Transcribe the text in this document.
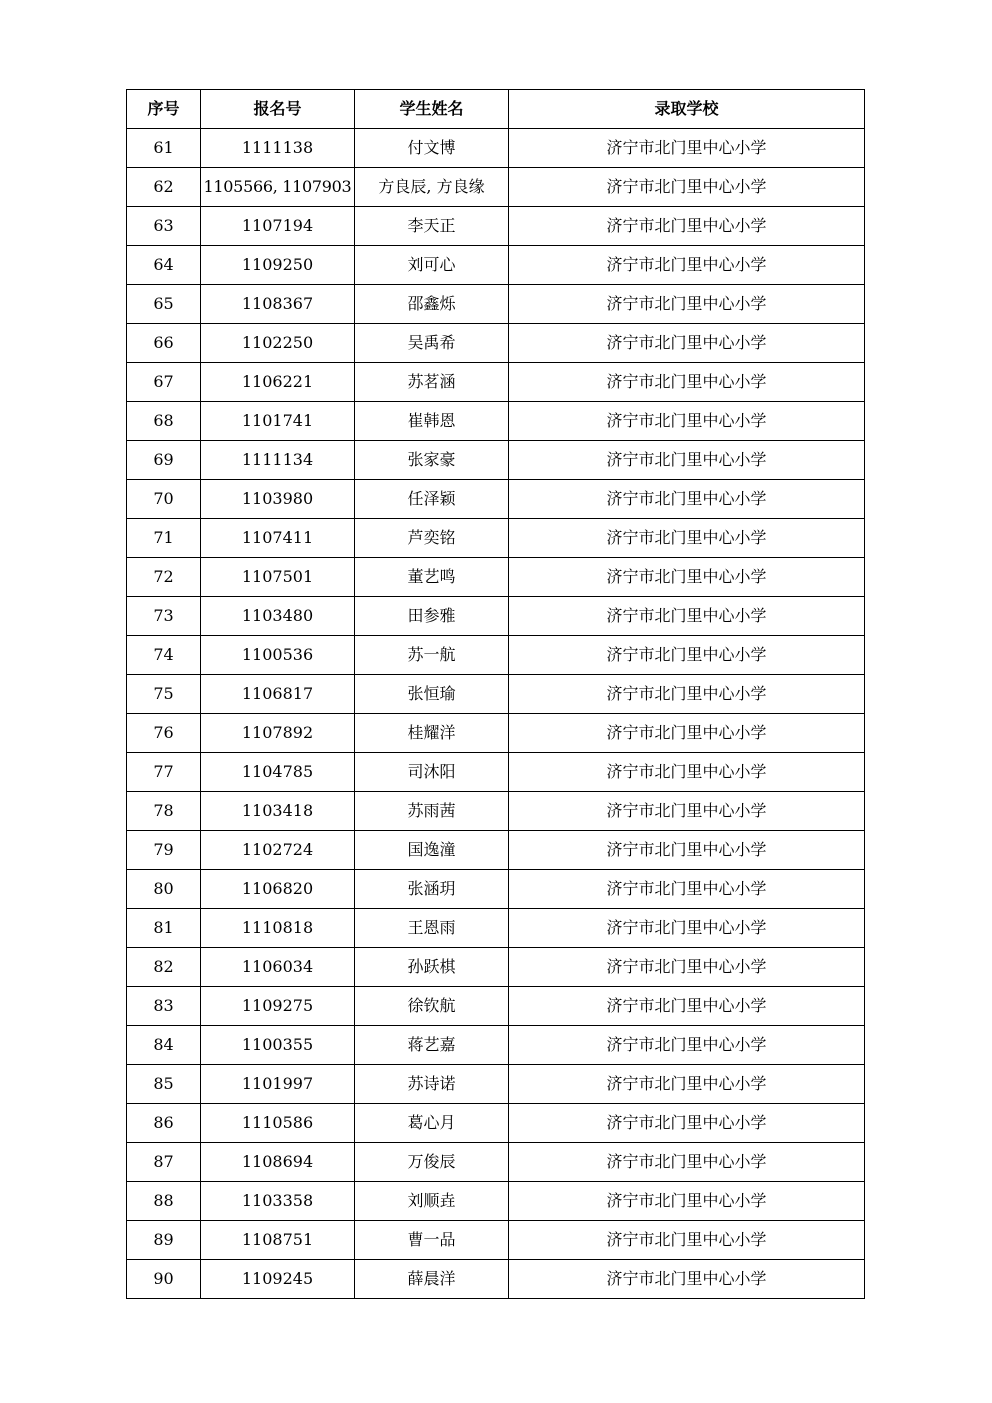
序号	报名号	学生姓名	录取学校
61	1111138	付文博	济宁市北门里中心小学
62	1105566, 1107903	方良辰, 方良缘	济宁市北门里中心小学
63	1107194	李天正	济宁市北门里中心小学
64	1109250	刘可心	济宁市北门里中心小学
65	1108367	邵鑫烁	济宁市北门里中心小学
66	1102250	吴禹希	济宁市北门里中心小学
67	1106221	苏茗涵	济宁市北门里中心小学
68	1101741	崔韩恩	济宁市北门里中心小学
69	1111134	张家豪	济宁市北门里中心小学
70	1103980	任泽颖	济宁市北门里中心小学
71	1107411	芦奕铭	济宁市北门里中心小学
72	1107501	董艺鸣	济宁市北门里中心小学
73	1103480	田参雅	济宁市北门里中心小学
74	1100536	苏一航	济宁市北门里中心小学
75	1106817	张恒瑜	济宁市北门里中心小学
76	1107892	桂耀洋	济宁市北门里中心小学
77	1104785	司沐阳	济宁市北门里中心小学
78	1103418	苏雨茜	济宁市北门里中心小学
79	1102724	国逸潼	济宁市北门里中心小学
80	1106820	张涵玥	济宁市北门里中心小学
81	1110818	王恩雨	济宁市北门里中心小学
82	1106034	孙跃棋	济宁市北门里中心小学
83	1109275	徐钦航	济宁市北门里中心小学
84	1100355	蒋艺嘉	济宁市北门里中心小学
85	1101997	苏诗诺	济宁市北门里中心小学
86	1110586	葛心月	济宁市北门里中心小学
87	1108694	万俊辰	济宁市北门里中心小学
88	1103358	刘顺垚	济宁市北门里中心小学
89	1108751	曹一品	济宁市北门里中心小学
90	1109245	薛晨洋	济宁市北门里中心小学
